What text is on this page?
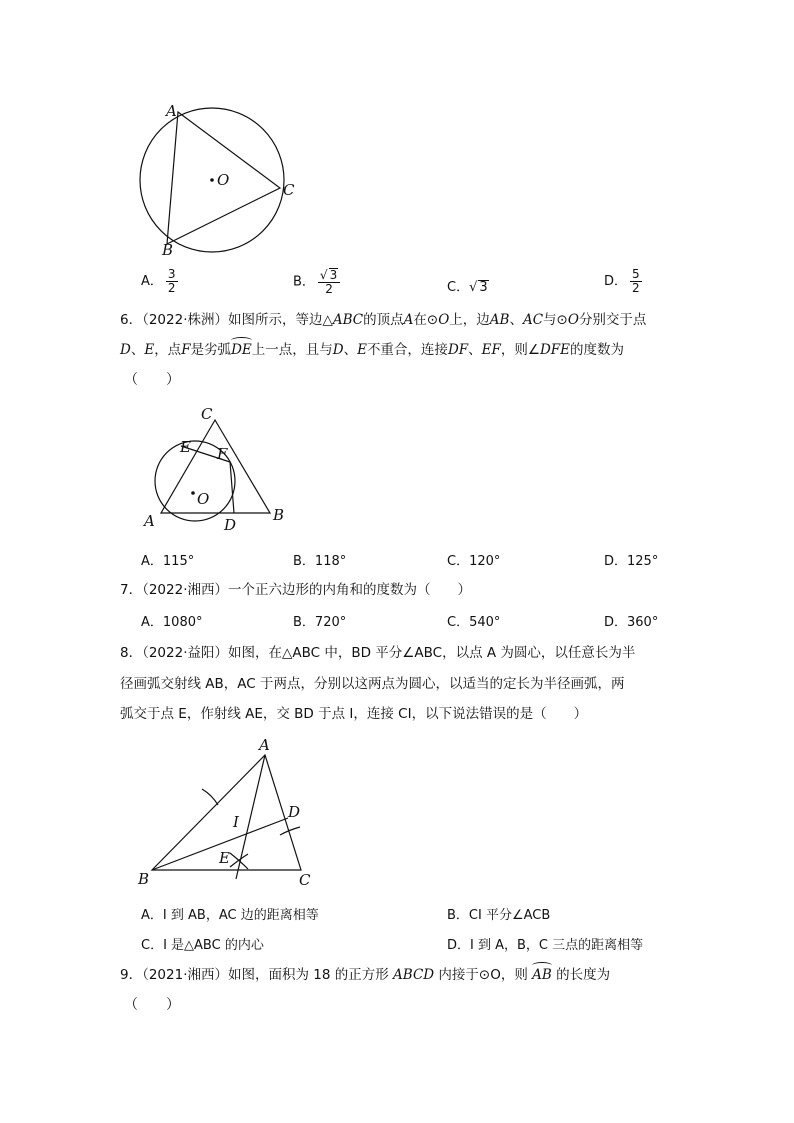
A
C
B
O
A． $\frac{3}{2}$	B． $\frac{√ 3}{2}$	C．√ 3	D． $\frac{5}{2}$
6．（2022·株洲）如图所示，等边△ABC的顶点A在⊙O上，边AB、AC与⊙O分别交于点
D、E，点F是劣弧DE上一点，且与D、E不重合，连接DF、EF，则∠DFE的度数为
（　　）
C
E F
O
A	D
B
A．115°	B．118°	C．120°	D．125°
7．（2022·湘西）一个正六边形的内角和的度数为（　　）
A．1080°	B．720°	C．540°	D．360°
8．（2022·益阳）如图，在△ABC 中，BD 平分∠ABC，以点 A 为圆心，以任意长为半
径画弧交射线 AB，AC 于两点，分别以这两点为圆心，以适当的定长为半径画弧，两
弧交于点 E，作射线 AE，交 BD 于点 I，连接 CI，以下说法错误的是（　　）
A
D
I
E
B	C
A．I 到 AB，AC 边的距离相等	B．CI 平分∠ACB
C．I 是△ABC 的内心	D．I 到 A，B，C 三点的距离相等
9．（2021·湘西）如图，面积为 18 的正方形 ABCD 内接于⊙O，则 AB 的长度为
（　　）
